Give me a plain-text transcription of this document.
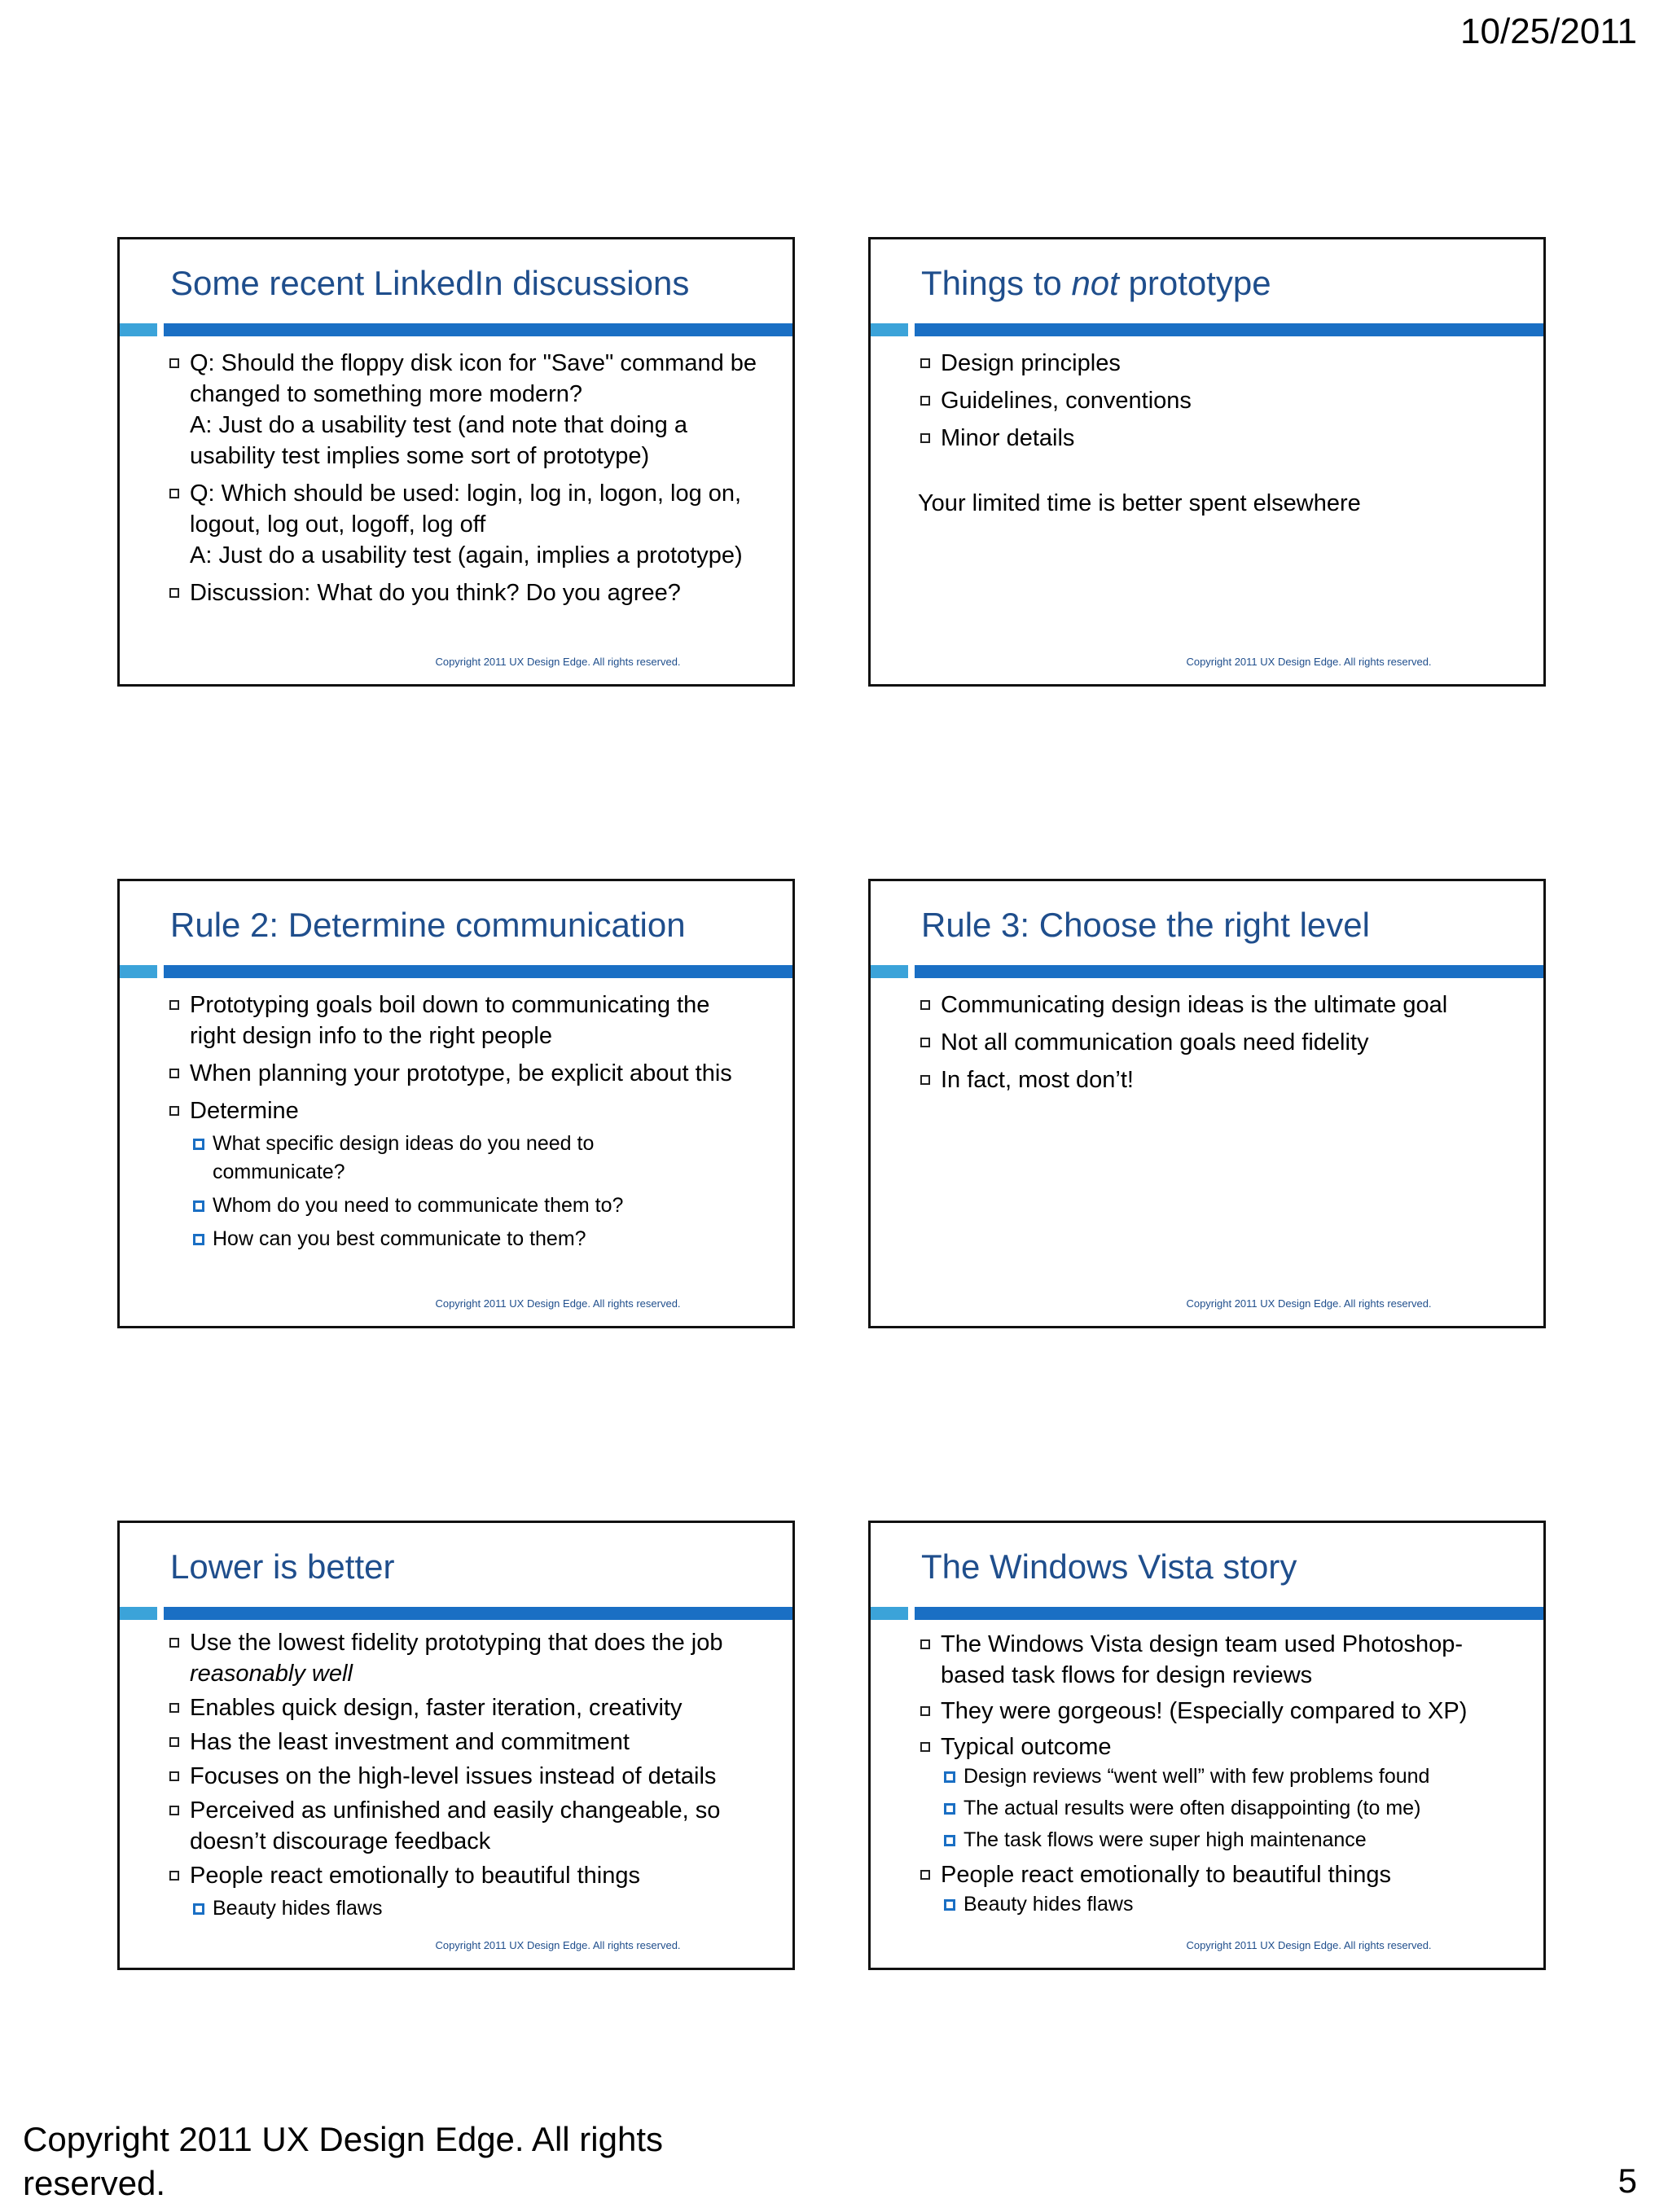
10/25/2011
Some recent LinkedIn discussions
Q: Should the floppy disk icon for "Save" command be
changed to something more modern?
A: Just do a usability test (and note that doing a
usability test implies some sort of prototype)
Q: Which should be used: login, log in, logon, log on,
logout, log out, logoff, log off
A: Just do a usability test (again, implies a prototype)
Discussion: What do you think? Do you agree?
Copyright 2011 UX Design Edge. All rights reserved.
Things to not prototype
Design principles
Guidelines, conventions
Minor details
Your limited time is better spent elsewhere
Copyright 2011 UX Design Edge. All rights reserved.
Rule 2: Determine communication
Prototyping goals boil down to communicating the
right design info to the right people
When planning your prototype, be explicit about this
Determine
What specific design ideas do you need to
communicate?
Whom do you need to communicate them to?
How can you best communicate to them?
Copyright 2011 UX Design Edge. All rights reserved.
Rule 3: Choose the right level
Communicating design ideas is the ultimate goal
Not all communication goals need fidelity
In fact, most don’t!
Copyright 2011 UX Design Edge. All rights reserved.
Lower is better
Use the lowest fidelity prototyping that does the job
reasonably well
Enables quick design, faster iteration, creativity
Has the least investment and commitment
Focuses on the high-level issues instead of details
Perceived as unfinished and easily changeable, so
doesn’t discourage feedback
People react emotionally to beautiful things
Beauty hides flaws
Copyright 2011 UX Design Edge. All rights reserved.
The Windows Vista story
The Windows Vista design team used Photoshop-
based task flows for design reviews
They were gorgeous! (Especially compared to XP)
Typical outcome
Design reviews “went well” with few problems found
The actual results were often disappointing (to me)
The task flows were super high maintenance
People react emotionally to beautiful things
Beauty hides flaws
Copyright 2011 UX Design Edge. All rights reserved.
Copyright 2011 UX Design Edge. All rights reserved.	5
